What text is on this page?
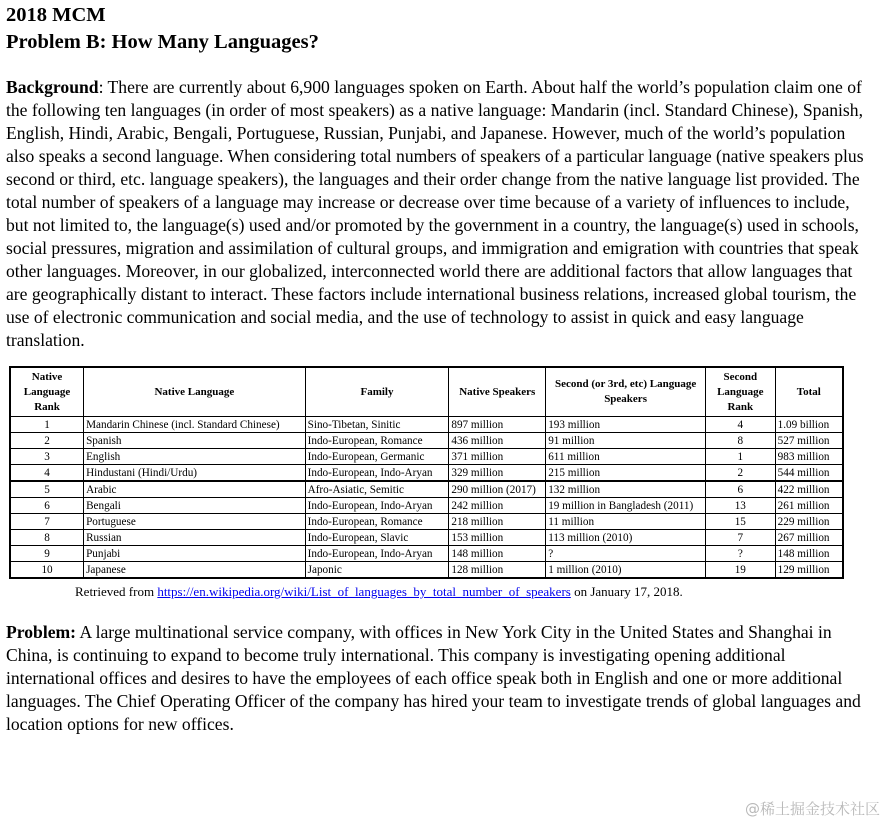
2018 MCM

Problem B: How Many Languages?

Background: There are currently about 6,900 languages spoken on Earth. About half the world’s population claim one of the following ten languages (in order of most speakers) as a native language: Mandarin (incl. Standard Chinese), Spanish, English, Hindi, Arabic, Bengali, Portuguese, Russian, Punjabi, and Japanese. However, much of the world’s population also speaks a second language. When considering total numbers of speakers of a particular language (native speakers plus second or third, etc. language speakers), the languages and their order change from the native language list provided. The total number of speakers of a language may increase or decrease over time because of a variety of influences to include, but not limited to, the language(s) used and/or promoted by the government in a country, the language(s) used in schools, social pressures, migration and assimilation of cultural groups, and immigration and emigration with countries that speak other languages. Moreover, in our globalized, interconnected world there are additional factors that allow languages that are geographically distant to interact. These factors include international business relations, increased global tourism, the use of electronic communication and social media, and the use of technology to assist in quick and easy language translation.

Native Language Rank	Native Language	Family	Native Speakers	Second (or 3rd, etc) Language Speakers	Second Language Rank	Total
1	Mandarin Chinese (incl. Standard Chinese)	Sino-Tibetan, Sinitic	897 million	193 million	4	1.09 billion
2	Spanish	Indo-European, Romance	436 million	91 million	8	527 million
3	English	Indo-European, Germanic	371 million	611 million	1	983 million
4	Hindustani (Hindi/Urdu)	Indo-European, Indo-Aryan	329 million	215 million	2	544 million
5	Arabic	Afro-Asiatic, Semitic	290 million (2017)	132 million	6	422 million
6	Bengali	Indo-European, Indo-Aryan	242 million	19 million in Bangladesh (2011)	13	261 million
7	Portuguese	Indo-European, Romance	218 million	11 million	15	229 million
8	Russian	Indo-European, Slavic	153 million	113 million (2010)	7	267 million
9	Punjabi	Indo-European, Indo-Aryan	148 million	?	?	148 million
10	Japanese	Japonic	128 million	1 million (2010)	19	129 million
Retrieved from https://en.wikipedia.org/wiki/List_of_languages_by_total_number_of_speakers on January 17, 2018.

Problem: A large multinational service company, with offices in New York City in the United States and Shanghai in China, is continuing to expand to become truly international. This company is investigating opening additional international offices and desires to have the employees of each office speak both in English and one or more additional languages. The Chief Operating Officer of the company has hired your team to investigate trends of global languages and location options for new offices.

@稀土掘金技术社区
